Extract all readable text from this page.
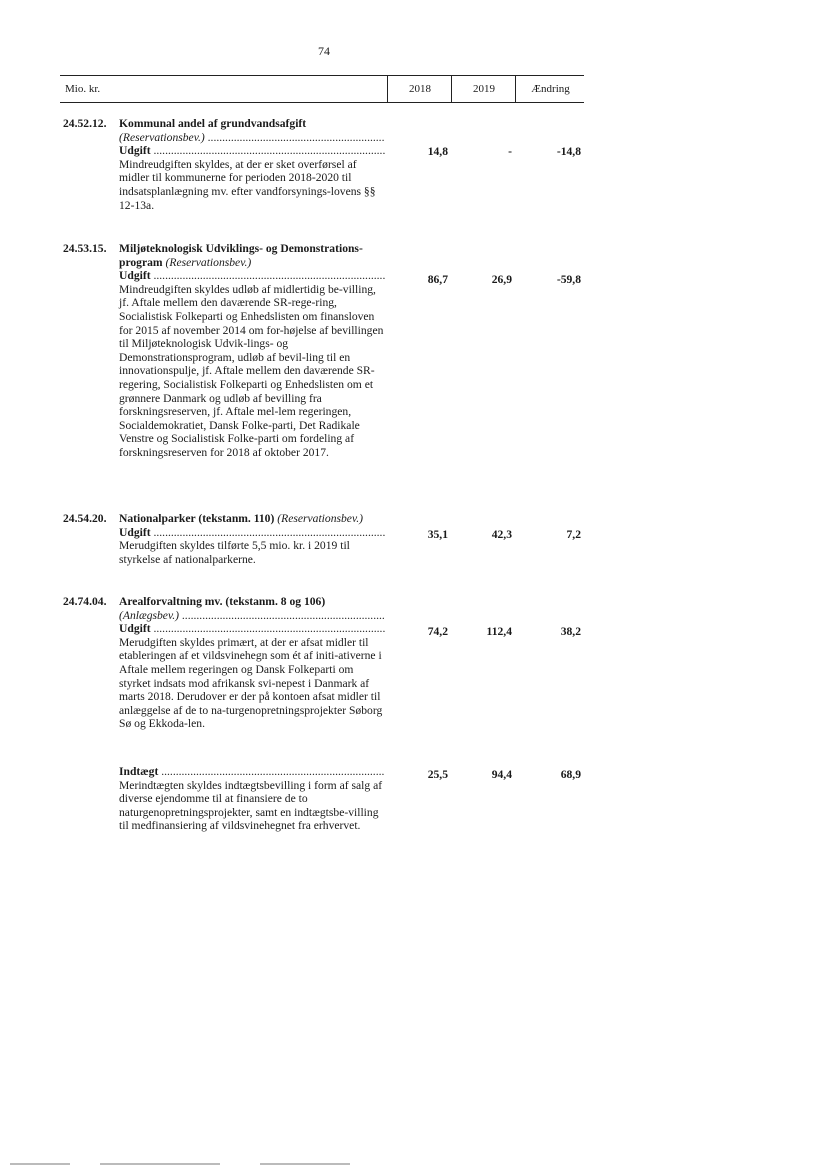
74
Mio. kr.	2018	2019	Ændring
24.52.12. Kommunal andel af grundvandsafgift
(Reservationsbev.)
.....
Udgift
.....
Mindreudgiften skyldes, at der er sket overførsel af midler til kommunerne for perioden 2018-2020 til indsatsplanlægning mv. efter vandforsynings-lovens §§ 12-13a.
14,8	-	-14,8
24.53.15. Miljøteknologisk Udviklings- og Demonstrations-program (Reservationsbev.)
Udgift
.....
Mindreudgiften skyldes udløb af midlertidig be-villing, jf. Aftale mellem den daværende SR-rege-ring, Socialistisk Folkeparti og Enhedslisten om finansloven for 2015 af november 2014 om for-højelse af bevillingen til Miljøteknologisk Udvik-lings- og Demonstrationsprogram, udløb af bevil-ling til en innovationspulje, jf. Aftale mellem den daværende SR-regering, Socialistisk Folkeparti og Enhedslisten om et grønnere Danmark og udløb af bevilling fra forskningsreserven, jf. Aftale mel-lem regeringen, Socialdemokratiet, Dansk Folke-parti, Det Radikale Venstre og Socialistisk Folke-parti om fordeling af forskningsreserven for 2018 af oktober 2017.
86,7	26,9	-59,8
24.54.20. Nationalparker (tekstanm. 110) (Reservationsbev.)
Udgift
.....
Merudgiften skyldes tilførte 5,5 mio. kr. i 2019 til styrkelse af nationalparkerne.
35,1	42,3	7,2
24.74.04. Arealforvaltning mv. (tekstanm. 8 og 106)
(Anlægsbev.)
.....
Udgift
.....
Merudgiften skyldes primært, at der er afsat midler til etableringen af et vildsvinehegn som ét af initi-ativerne i Aftale mellem regeringen og Dansk Folkeparti om styrket indsats mod afrikansk svi-nepest i Danmark af marts 2018. Derudover er der på kontoen afsat midler til anlæggelse af de to na-turgenopretningsprojekter Søborg Sø og Ekkoda-len.
74,2	112,4	38,2
Indtægt
.....
Merindtægten skyldes indtægtsbevilling i form af salg af diverse ejendomme til at finansiere de to naturgenopretningsprojekter, samt en indtægtsbe-villing til medfinansiering af vildsvinehegnet fra erhvervet.
25,5	94,4	68,9
